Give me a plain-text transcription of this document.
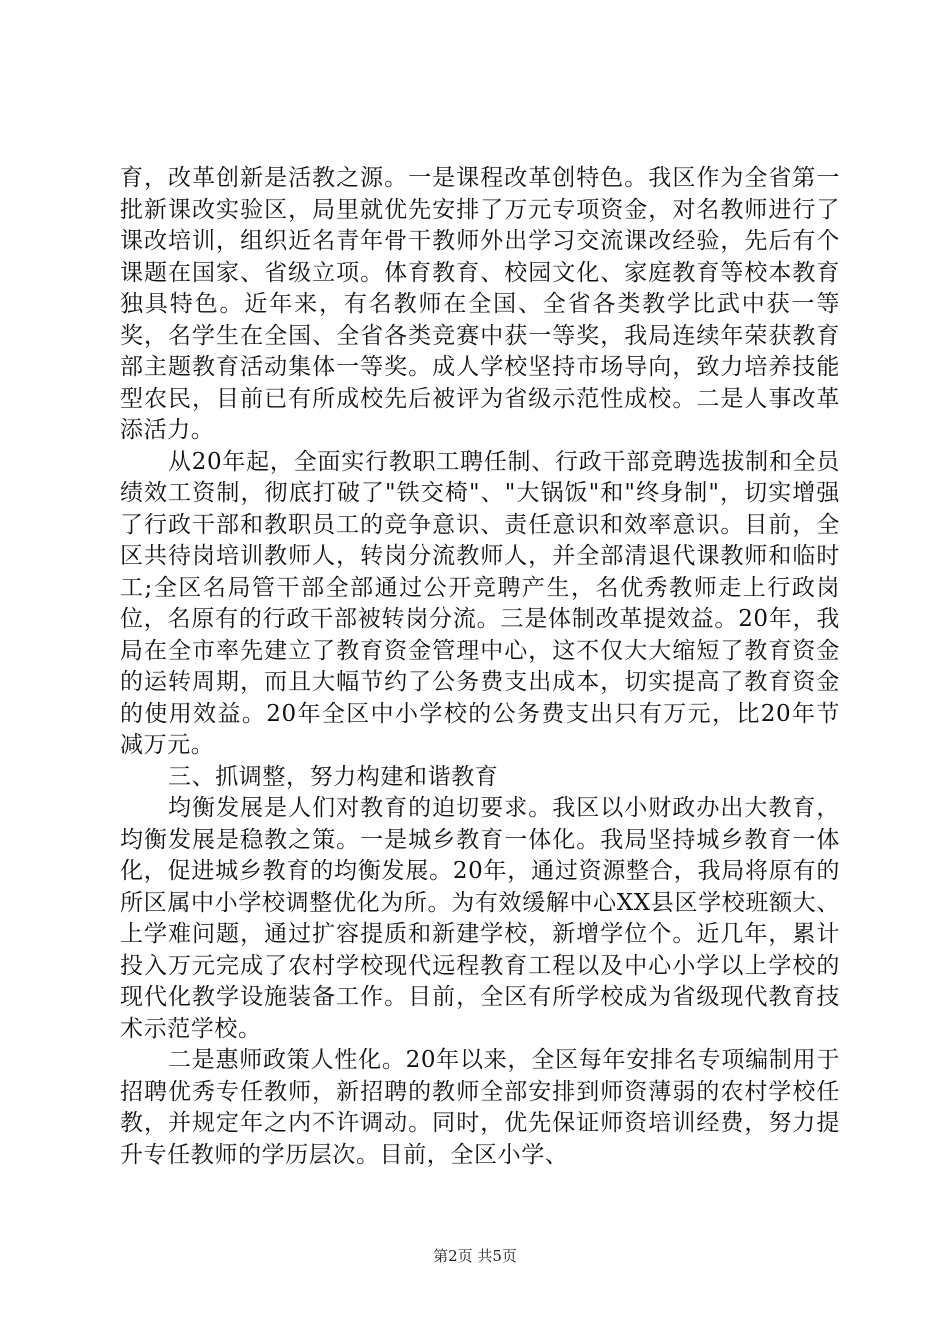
育，改革创新是活教之源。一是课程改革创特色。我区作为全省第一批新课改实验区，局里就优先安排了万元专项资金，对名教师进行了课改培训，组织近名青年骨干教师外出学习交流课改经验，先后有个课题在国家、省级立项。体育教育、校园文化、家庭教育等校本教育独具特色。近年来，有名教师在全国、全省各类教学比武中获一等奖，名学生在全国、全省各类竞赛中获一等奖，我局连续年荣获教育部主题教育活动集体一等奖。成人学校坚持市场导向，致力培养技能型农民，目前已有所成校先后被评为省级示范性成校。二是人事改革添活力。

从20年起，全面实行教职工聘任制、行政干部竞聘选拔制和全员绩效工资制，彻底打破了"铁交椅"、"大锅饭"和"终身制"，切实增强了行政干部和教职员工的竞争意识、责任意识和效率意识。目前，全区共待岗培训教师人，转岗分流教师人，并全部清退代课教师和临时工;全区名局管干部全部通过公开竞聘产生，名优秀教师走上行政岗位，名原有的行政干部被转岗分流。三是体制改革提效益。20年，我局在全市率先建立了教育资金管理中心，这不仅大大缩短了教育资金的运转周期，而且大幅节约了公务费支出成本，切实提高了教育资金的使用效益。20年全区中小学校的公务费支出只有万元，比20年节减万元。

三、抓调整，努力构建和谐教育

均衡发展是人们对教育的迫切要求。我区以小财政办出大教育，均衡发展是稳教之策。一是城乡教育一体化。我局坚持城乡教育一体化，促进城乡教育的均衡发展。20年，通过资源整合，我局将原有的所区属中小学校调整优化为所。为有效缓解中心XX县区学校班额大、上学难问题，通过扩容提质和新建学校，新增学位个。近几年，累计投入万元完成了农村学校现代远程教育工程以及中心小学以上学校的现代化教学设施装备工作。目前，全区有所学校成为省级现代教育技术示范学校。

二是惠师政策人性化。20年以来，全区每年安排名专项编制用于招聘优秀专任教师，新招聘的教师全部安排到师资薄弱的农村学校任教，并规定年之内不许调动。同时，优先保证师资培训经费，努力提升专任教师的学历层次。目前，全区小学、

第2页 共5页
